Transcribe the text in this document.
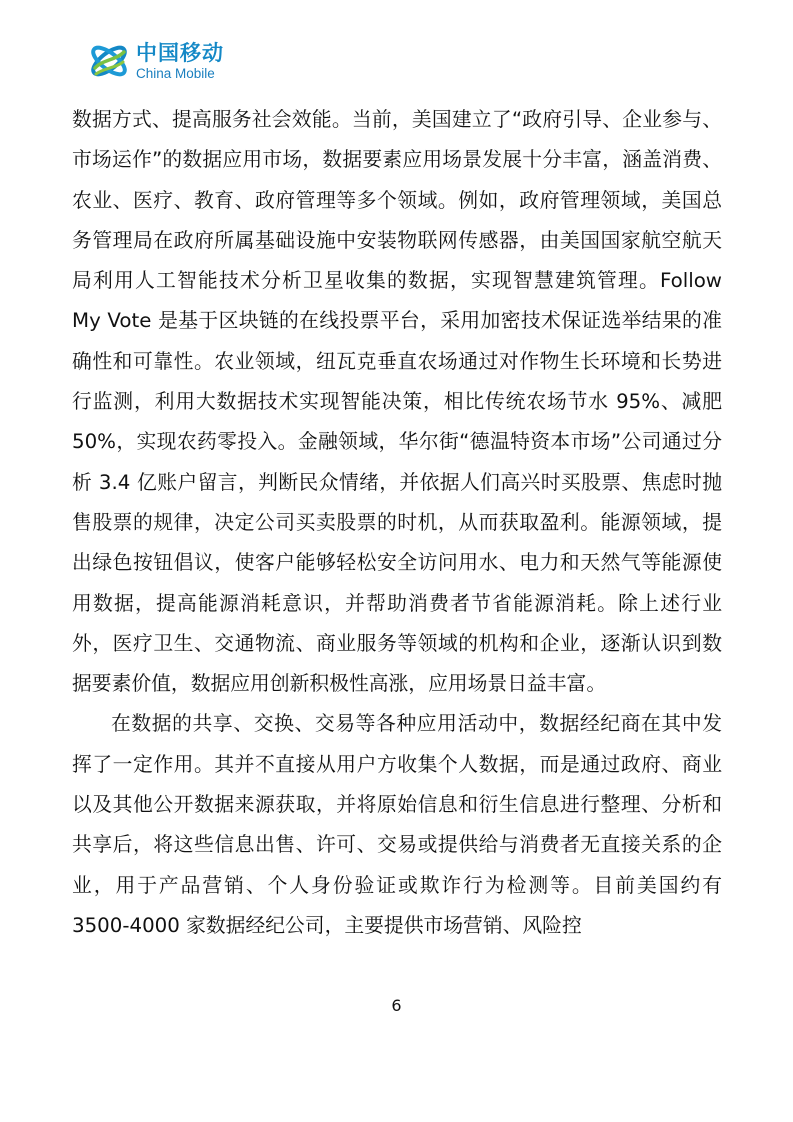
中国移动
China Mobile

数据方式、提高服务社会效能。当前，美国建立了“政府引导、企业参与、市场运作”的数据应用市场，数据要素应用场景发展十分丰富，涵盖消费、农业、医疗、教育、政府管理等多个领域。例如，政府管理领域，美国总务管理局在政府所属基础设施中安装物联网传感器，由美国国家航空航天局利用人工智能技术分析卫星收集的数据，实现智慧建筑管理。Follow My Vote 是基于区块链的在线投票平台，采用加密技术保证选举结果的准确性和可靠性。农业领域，纽瓦克垂直农场通过对作物生长环境和长势进行监测，利用大数据技术实现智能决策，相比传统农场节水 95%、减肥 50%，实现农药零投入。金融领域，华尔街“德温特资本市场”公司通过分析 3.4 亿账户留言，判断民众情绪，并依据人们高兴时买股票、焦虑时抛售股票的规律，决定公司买卖股票的时机，从而获取盈利。能源领域，提出绿色按钮倡议，使客户能够轻松安全访问用水、电力和天然气等能源使用数据，提高能源消耗意识，并帮助消费者节省能源消耗。除上述行业外，医疗卫生、交通物流、商业服务等领域的机构和企业，逐渐认识到数据要素价值，数据应用创新积极性高涨，应用场景日益丰富。

在数据的共享、交换、交易等各种应用活动中，数据经纪商在其中发挥了一定作用。其并不直接从用户方收集个人数据，而是通过政府、商业以及其他公开数据来源获取，并将原始信息和衍生信息进行整理、分析和共享后，将这些信息出售、许可、交易或提供给与消费者无直接关系的企业，用于产品营销、个人身份验证或欺诈行为检测等。目前美国约有 3500-4000 家数据经纪公司，主要提供市场营销、风险控

6
